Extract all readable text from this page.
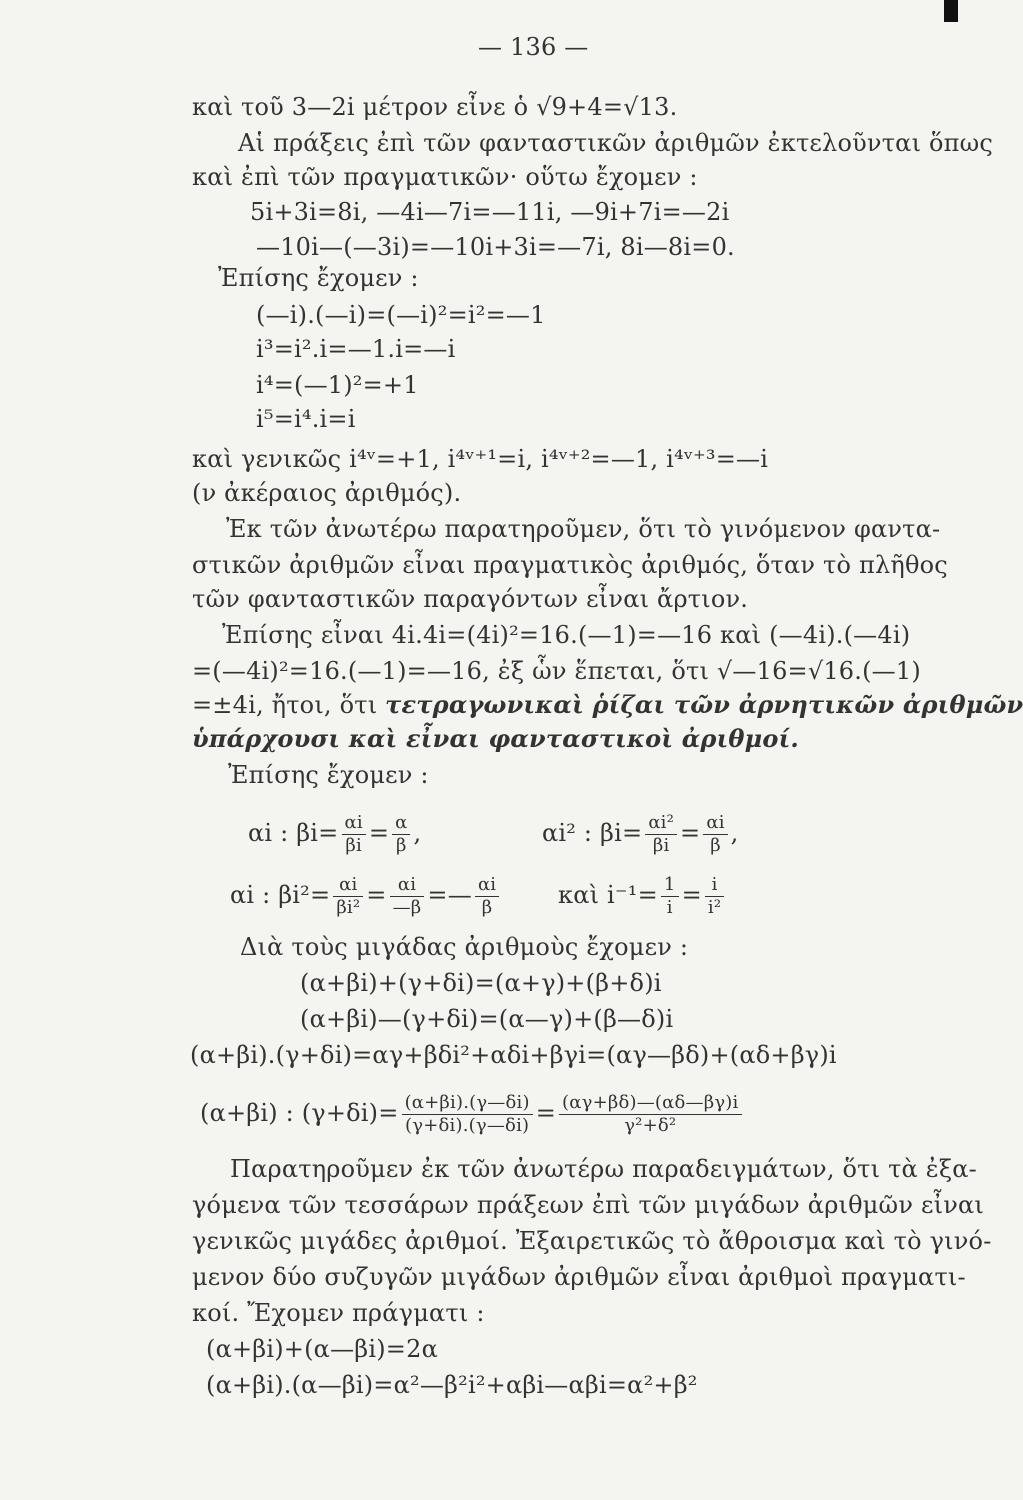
— 136 —
καὶ τοῦ 3—2i μέτρον εἶνε ὁ √9+4=√13.
Αἱ πράξεις ἐπὶ τῶν φανταστικῶν ἀριθμῶν ἐκτελοῦνται ὅπως
καὶ ἐπὶ τῶν πραγματικῶν· οὕτω ἔχομεν :
5i+3i=8i, —4i—7i=—11i, —9i+7i=—2i
—10i—(—3i)=—10i+3i=—7i, 8i—8i=0.
Ἐπίσης ἔχομεν :
(—i).(—i)=(—i)²=i²=—1
i³=i².i=—1.i=—i
i⁴=(—1)²=+1
i⁵=i⁴.i=i
καὶ γενικῶς i⁴ᵛ=+1, i⁴ᵛ⁺¹=i, i⁴ᵛ⁺²=—1, i⁴ᵛ⁺³=—i
(ν ἀκέραιος ἀριθμός).
Ἐκ τῶν ἀνωτέρω παρατηροῦμεν, ὅτι τὸ γινόμενον φαντα-
στικῶν ἀριθμῶν εἶναι πραγματικὸς ἀριθμός, ὅταν τὸ πλῆθος
τῶν φανταστικῶν παραγόντων εἶναι ἄρτιον.
Ἐπίσης εἶναι 4i.4i=(4i)²=16.(—1)=—16 καὶ (—4i).(—4i)
=(—4i)²=16.(—1)=—16, ἐξ ὧν ἕπεται, ὅτι √—16=√16.(—1)
=±4i, ἤτοι, ὅτι τετραγωνικαὶ ῥίζαι τῶν ἀρνητικῶν ἀριθμῶν
ὑπάρχουσι καὶ εἶναι φανταστικοὶ ἀριθμοί.
Ἐπίσης ἔχομεν :
αi : $\beta i= \frac{\alpha i}{\beta i} = \frac{\alpha}{\beta}$ ,	αi² : $\beta i= \frac{\text{αi²}}{\beta i} = \frac{\alpha i}{\beta}$ ,
αi : $\beta i^2= \frac{\alpha i}{\text{βi²}} = \frac{\alpha i}{—\beta}$ =— $\frac{\alpha i}{\beta}$ καὶ $i^{-1}= \frac{1}{i} = \frac{i}{\text{i²}}$
Διὰ τοὺς μιγάδας ἀριθμοὺς ἔχομεν :
(α+βi)+(γ+δi)=(α+γ)+(β+δ)i
(α+βi)—(γ+δi)=(α—γ)+(β—δ)i
(α+βi).(γ+δi)=αγ+βδi²+αδi+βγi=(αγ—βδ)+(αδ+βγ)i
(α+βi) : $(\gamma+\delta i)= \frac{(\alpha+\beta i).(\gamma—\delta i)}{(\gamma+\delta i).(\gamma—\delta i)} = \frac{(\alpha\gamma+\beta\delta)—(\alpha\delta—\beta\gamma)i}{\text{γ²+δ²}}$
Παρατηροῦμεν ἐκ τῶν ἀνωτέρω παραδειγμάτων, ὅτι τὰ ἐξα-
γόμενα τῶν τεσσάρων πράξεων ἐπὶ τῶν μιγάδων ἀριθμῶν εἶναι
γενικῶς μιγάδες ἀριθμοί. Ἐξαιρετικῶς τὸ ἄθροισμα καὶ τὸ γινό-
μενον δύο συζυγῶν μιγάδων ἀριθμῶν εἶναι ἀριθμοὶ πραγματι-
κοί. Ἔχομεν πράγματι :
(α+βi)+(α—βi)=2α
(α+βi).(α—βi)=α²—β²i²+αβi—αβi=α²+β²
